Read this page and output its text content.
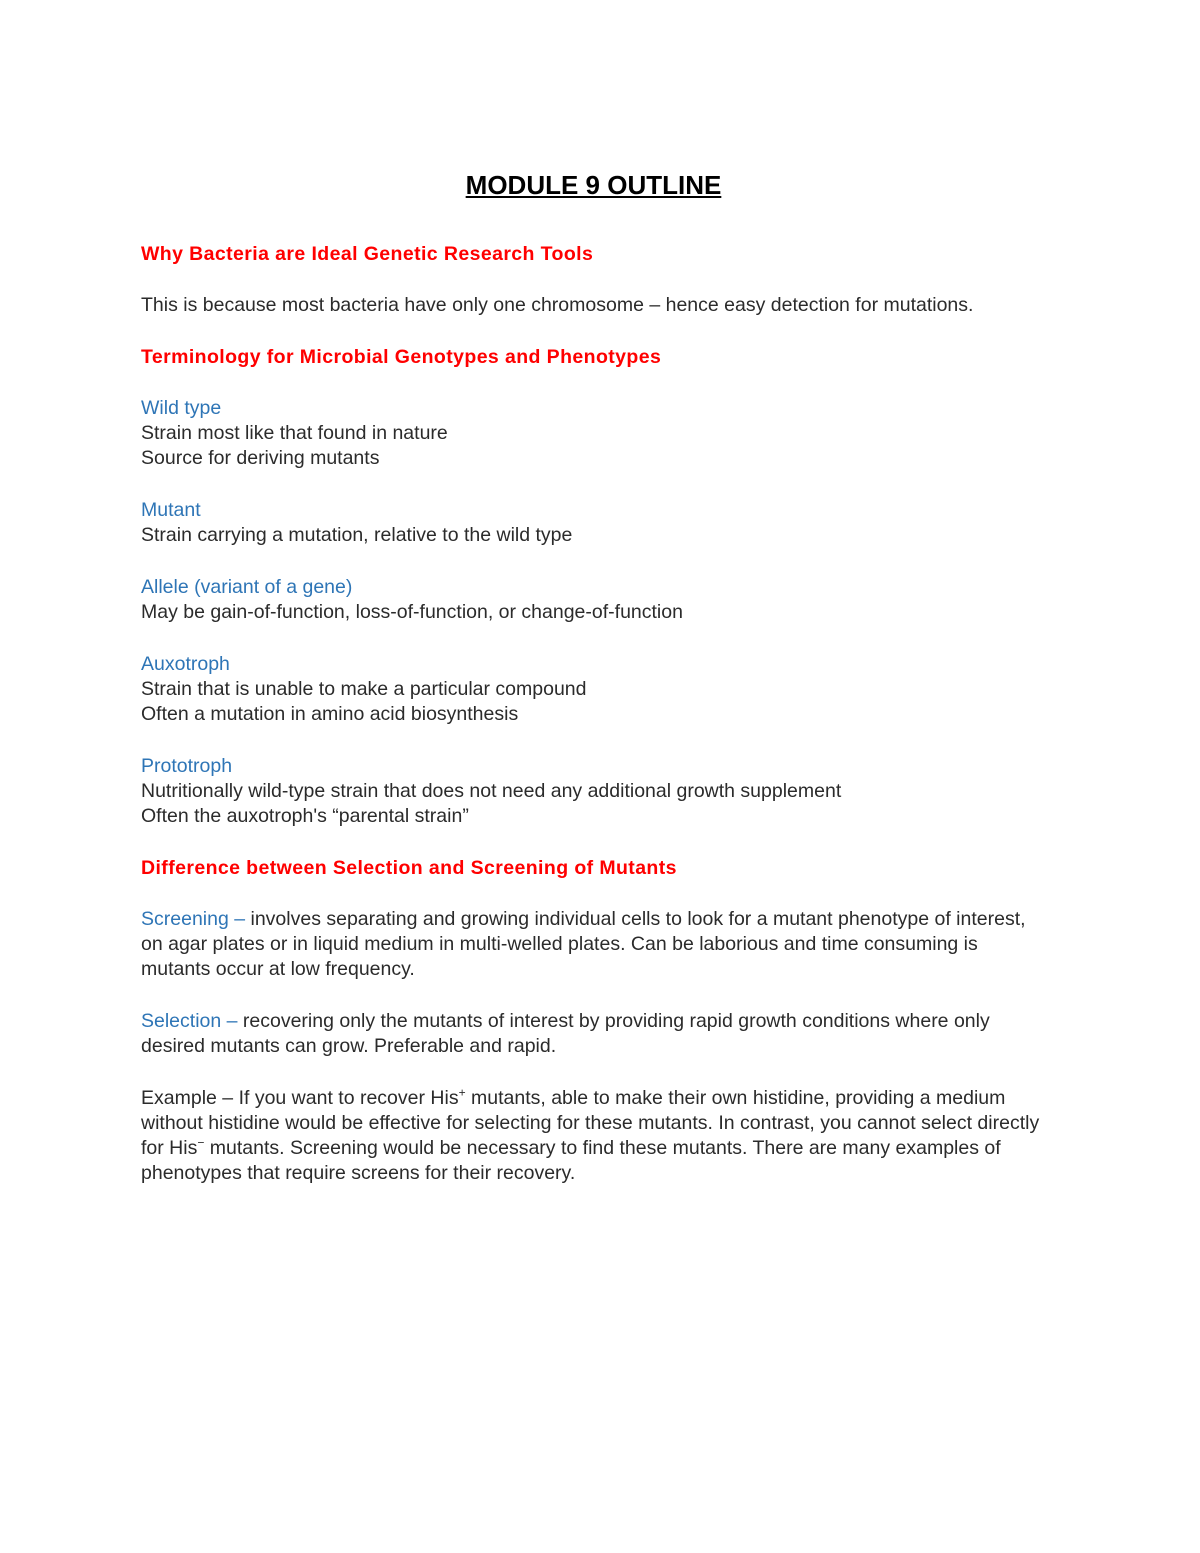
MODULE 9 OUTLINE
Why Bacteria are Ideal Genetic Research Tools
This is because most bacteria have only one chromosome – hence easy detection for mutations.
Terminology for Microbial Genotypes and Phenotypes
Wild type
Strain most like that found in nature
Source for deriving mutants
Mutant
Strain carrying a mutation, relative to the wild type
Allele (variant of a gene)
May be gain-of-function, loss-of-function, or change-of-function
Auxotroph
Strain that is unable to make a particular compound
Often a mutation in amino acid biosynthesis
Prototroph
Nutritionally wild-type strain that does not need any additional growth supplement
Often the auxotroph's “parental strain”
Difference between Selection and Screening of Mutants
Screening – involves separating and growing individual cells to look for a mutant phenotype of interest, on agar plates or in liquid medium in multi-welled plates. Can be laborious and time consuming is mutants occur at low frequency.
Selection – recovering only the mutants of interest by providing rapid growth conditions where only desired mutants can grow. Preferable and rapid.
Example – If you want to recover His+ mutants, able to make their own histidine, providing a medium without histidine would be effective for selecting for these mutants. In contrast, you cannot select directly for His− mutants. Screening would be necessary to find these mutants. There are many examples of phenotypes that require screens for their recovery.
